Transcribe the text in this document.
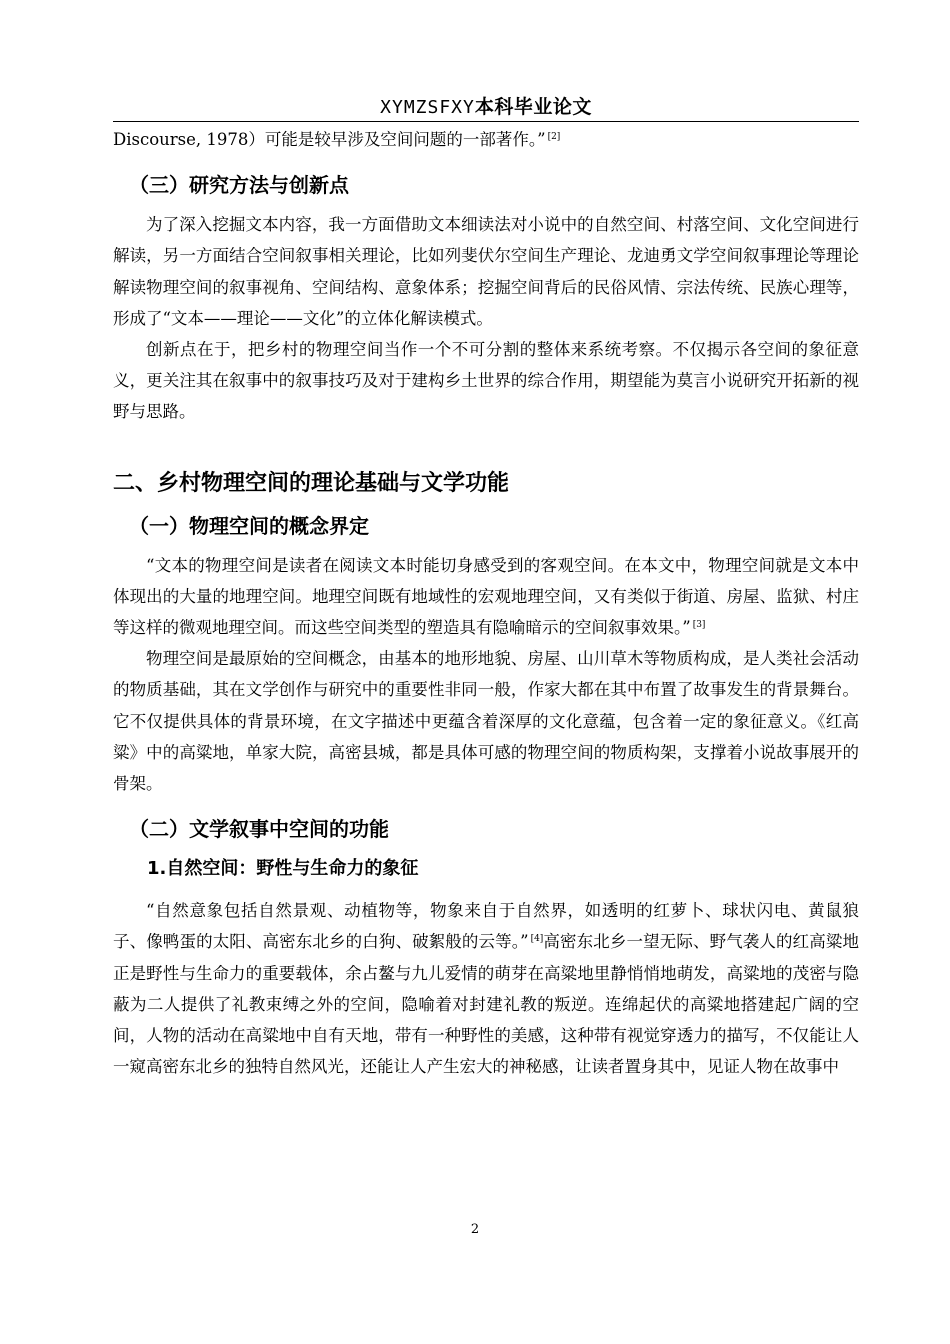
XYMZSFXY本科毕业论文

Discourse, 1978）可能是较早涉及空间问题的一部著作。” [2]

（三）研究方法与创新点

为了深入挖掘文本内容，我一方面借助文本细读法对小说中的自然空间、村落空间、文化空间进行解读，另一方面结合空间叙事相关理论，比如列斐伏尔空间生产理论、龙迪勇文学空间叙事理论等理论解读物理空间的叙事视角、空间结构、意象体系；挖掘空间背后的民俗风情、宗法传统、民族心理等，形成了“文本——理论——文化”的立体化解读模式。

创新点在于，把乡村的物理空间当作一个不可分割的整体来系统考察。不仅揭示各空间的象征意义，更关注其在叙事中的叙事技巧及对于建构乡土世界的综合作用，期望能为莫言小说研究开拓新的视野与思路。

二、乡村物理空间的理论基础与文学功能
（一）物理空间的概念界定

“文本的物理空间是读者在阅读文本时能切身感受到的客观空间。在本文中，物理空间就是文本中体现出的大量的地理空间。地理空间既有地域性的宏观地理空间，又有类似于街道、房屋、监狱、村庄等这样的微观地理空间。而这些空间类型的塑造具有隐喻暗示的空间叙事效果。” [3]

物理空间是最原始的空间概念，由基本的地形地貌、房屋、山川草木等物质构成，是人类社会活动的物质基础，其在文学创作与研究中的重要性非同一般，作家大都在其中布置了故事发生的背景舞台。它不仅提供具体的背景环境，在文字描述中更蕴含着深厚的文化意蕴，包含着一定的象征意义。《红高粱》中的高粱地，单家大院，高密县城，都是具体可感的物理空间的物质构架，支撑着小说故事展开的骨架。

（二）文学叙事中空间的功能
1.自然空间：野性与生命力的象征

“自然意象包括自然景观、动植物等，物象来自于自然界，如透明的红萝卜、球状闪电、黄鼠狼子、像鸭蛋的太阳、高密东北乡的白狗、破絮般的云等。” [4]高密东北乡一望无际、野气袭人的红高粱地正是野性与生命力的重要载体，余占鳌与九儿爱情的萌芽在高粱地里静悄悄地萌发，高粱地的茂密与隐蔽为二人提供了礼教束缚之外的空间，隐喻着对封建礼教的叛逆。连绵起伏的高粱地搭建起广阔的空间，人物的活动在高粱地中自有天地，带有一种野性的美感，这种带有视觉穿透力的描写，不仅能让人一窥高密东北乡的独特自然风光，还能让人产生宏大的神秘感，让读者置身其中，见证人物在故事中

2
